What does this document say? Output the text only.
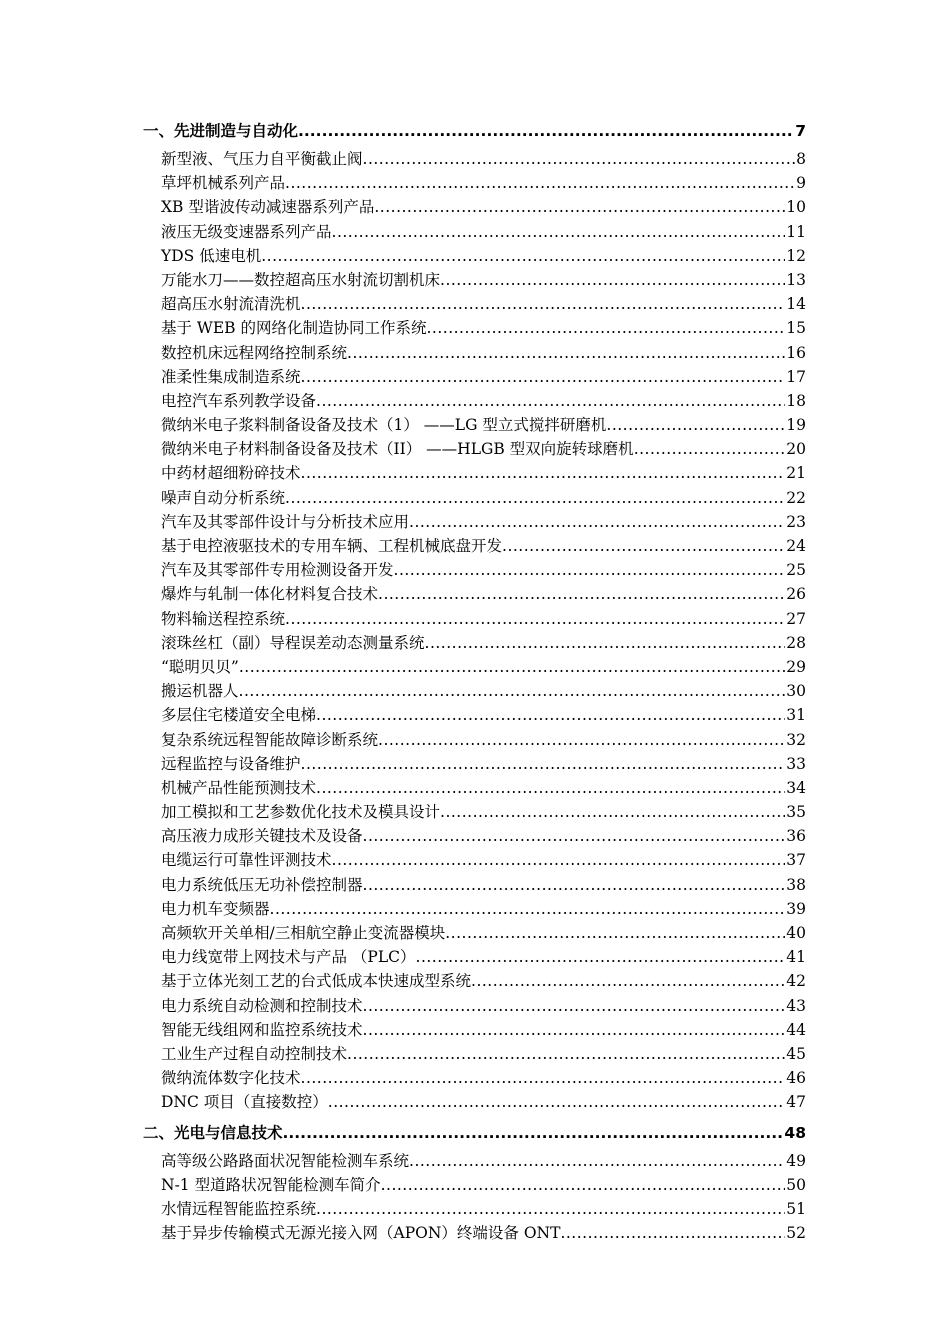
一、先进制造与自动化 .....	7
新型液、气压力自平衡截止阀 .....	8
草坪机械系列产品 .....	9
XB 型谐波传动减速器系列产品 .....	10
液压无级变速器系列产品 .....	11
YDS 低速电机 .....	12
万能水刀——数控超高压水射流切割机床 .....	13
超高压水射流清洗机 .....	14
基于 WEB 的网络化制造协同工作系统 .....	15
数控机床远程网络控制系统 .....	16
准柔性集成制造系统 .....	17
电控汽车系列教学设备 .....	18
微纳米电子浆料制备设备及技术（1） ——LG 型立式搅拌研磨机 .....	19
微纳米电子材料制备设备及技术（II） ——HLGB 型双向旋转球磨机 .....	20
中药材超细粉碎技术 .....	21
噪声自动分析系统 .....	22
汽车及其零部件设计与分析技术应用 .....	23
基于电控液驱技术的专用车辆、工程机械底盘开发 .....	24
汽车及其零部件专用检测设备开发 .....	25
爆炸与轧制一体化材料复合技术 .....	26
物料输送程控系统 .....	27
滚珠丝杠（副）导程误差动态测量系统 .....	28
“聪明贝贝” .....	29
搬运机器人 .....	30
多层住宅楼道安全电梯 .....	31
复杂系统远程智能故障诊断系统 .....	32
远程监控与设备维护 .....	33
机械产品性能预测技术 .....	34
加工模拟和工艺参数优化技术及模具设计 .....	35
高压液力成形关键技术及设备 .....	36
电缆运行可靠性评测技术 .....	37
电力系统低压无功补偿控制器 .....	38
电力机车变频器 .....	39
高频软开关单相/三相航空静止变流器模块 .....	40
电力线宽带上网技术与产品 （PLC） .....	41
基于立体光刻工艺的台式低成本快速成型系统 .....	42
电力系统自动检测和控制技术 .....	43
智能无线组网和监控系统技术 .....	44
工业生产过程自动控制技术 .....	45
微纳流体数字化技术 .....	46
DNC 项目（直接数控） .....	47
二、光电与信息技术 .....	48
高等级公路路面状况智能检测车系统 .....	49
N-1 型道路状况智能检测车简介 .....	50
水情远程智能监控系统 .....	51
基于异步传输模式无源光接入网（APON）终端设备 ONT .....	52
